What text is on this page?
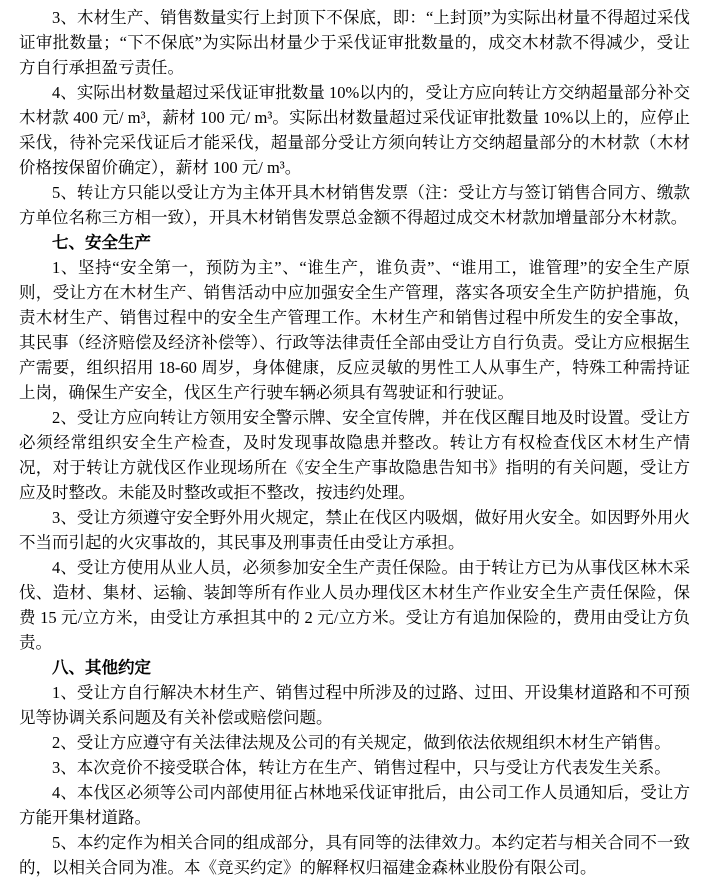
3、木材生产、销售数量实行上封顶下不保底，即：“上封顶”为实际出材量不得超过采伐证审批数量；“下不保底”为实际出材量少于采伐证审批数量的，成交木材款不得减少，受让方自行承担盈亏责任。

4、实际出材数量超过采伐证审批数量 10%以内的，受让方应向转让方交纳超量部分补交木材款 400 元/ m³，薪材 100 元/ m³。实际出材数量超过采伐证审批数量 10%以上的，应停止采伐，待补完采伐证后才能采伐，超量部分受让方须向转让方交纳超量部分的木材款（木材价格按保留价确定），薪材 100 元/ m³。

5、转让方只能以受让方为主体开具木材销售发票（注：受让方与签订销售合同方、缴款方单位名称三方相一致），开具木材销售发票总金额不得超过成交木材款加增量部分木材款。

七、安全生产

1、坚持“安全第一，预防为主”、“谁生产，谁负责”、“谁用工，谁管理”的安全生产原则，受让方在木材生产、销售活动中应加强安全生产管理，落实各项安全生产防护措施，负责木材生产、销售过程中的安全生产管理工作。木材生产和销售过程中所发生的安全事故，其民事（经济赔偿及经济补偿等）、行政等法律责任全部由受让方自行负责。受让方应根据生产需要，组织招用 18-60 周岁，身体健康，反应灵敏的男性工人从事生产，特殊工种需持证上岗，确保生产安全，伐区生产行驶车辆必须具有驾驶证和行驶证。

2、受让方应向转让方领用安全警示牌、安全宣传牌，并在伐区醒目地及时设置。受让方必须经常组织安全生产检查，及时发现事故隐患并整改。转让方有权检查伐区木材生产情况，对于转让方就伐区作业现场所在《安全生产事故隐患告知书》指明的有关问题，受让方应及时整改。未能及时整改或拒不整改，按违约处理。

3、受让方须遵守安全野外用火规定，禁止在伐区内吸烟，做好用火安全。如因野外用火不当而引起的火灾事故的，其民事及刑事责任由受让方承担。

4、受让方使用从业人员，必须参加安全生产责任保险。由于转让方已为从事伐区林木采伐、造材、集材、运输、装卸等所有作业人员办理伐区木材生产作业安全生产责任保险，保费 15 元/立方米，由受让方承担其中的 2 元/立方米。受让方有追加保险的，费用由受让方负责。

八、其他约定

1、受让方自行解决木材生产、销售过程中所涉及的过路、过田、开设集材道路和不可预见等协调关系问题及有关补偿或赔偿问题。

2、受让方应遵守有关法律法规及公司的有关规定，做到依法依规组织木材生产销售。

3、本次竞价不接受联合体，转让方在生产、销售过程中，只与受让方代表发生关系。

4、本伐区必须等公司内部使用征占林地采伐证审批后，由公司工作人员通知后，受让方方能开集材道路。

5、本约定作为相关合同的组成部分，具有同等的法律效力。本约定若与相关合同不一致的，以相关合同为准。本《竞买约定》的解释权归福建金森林业股份有限公司。
